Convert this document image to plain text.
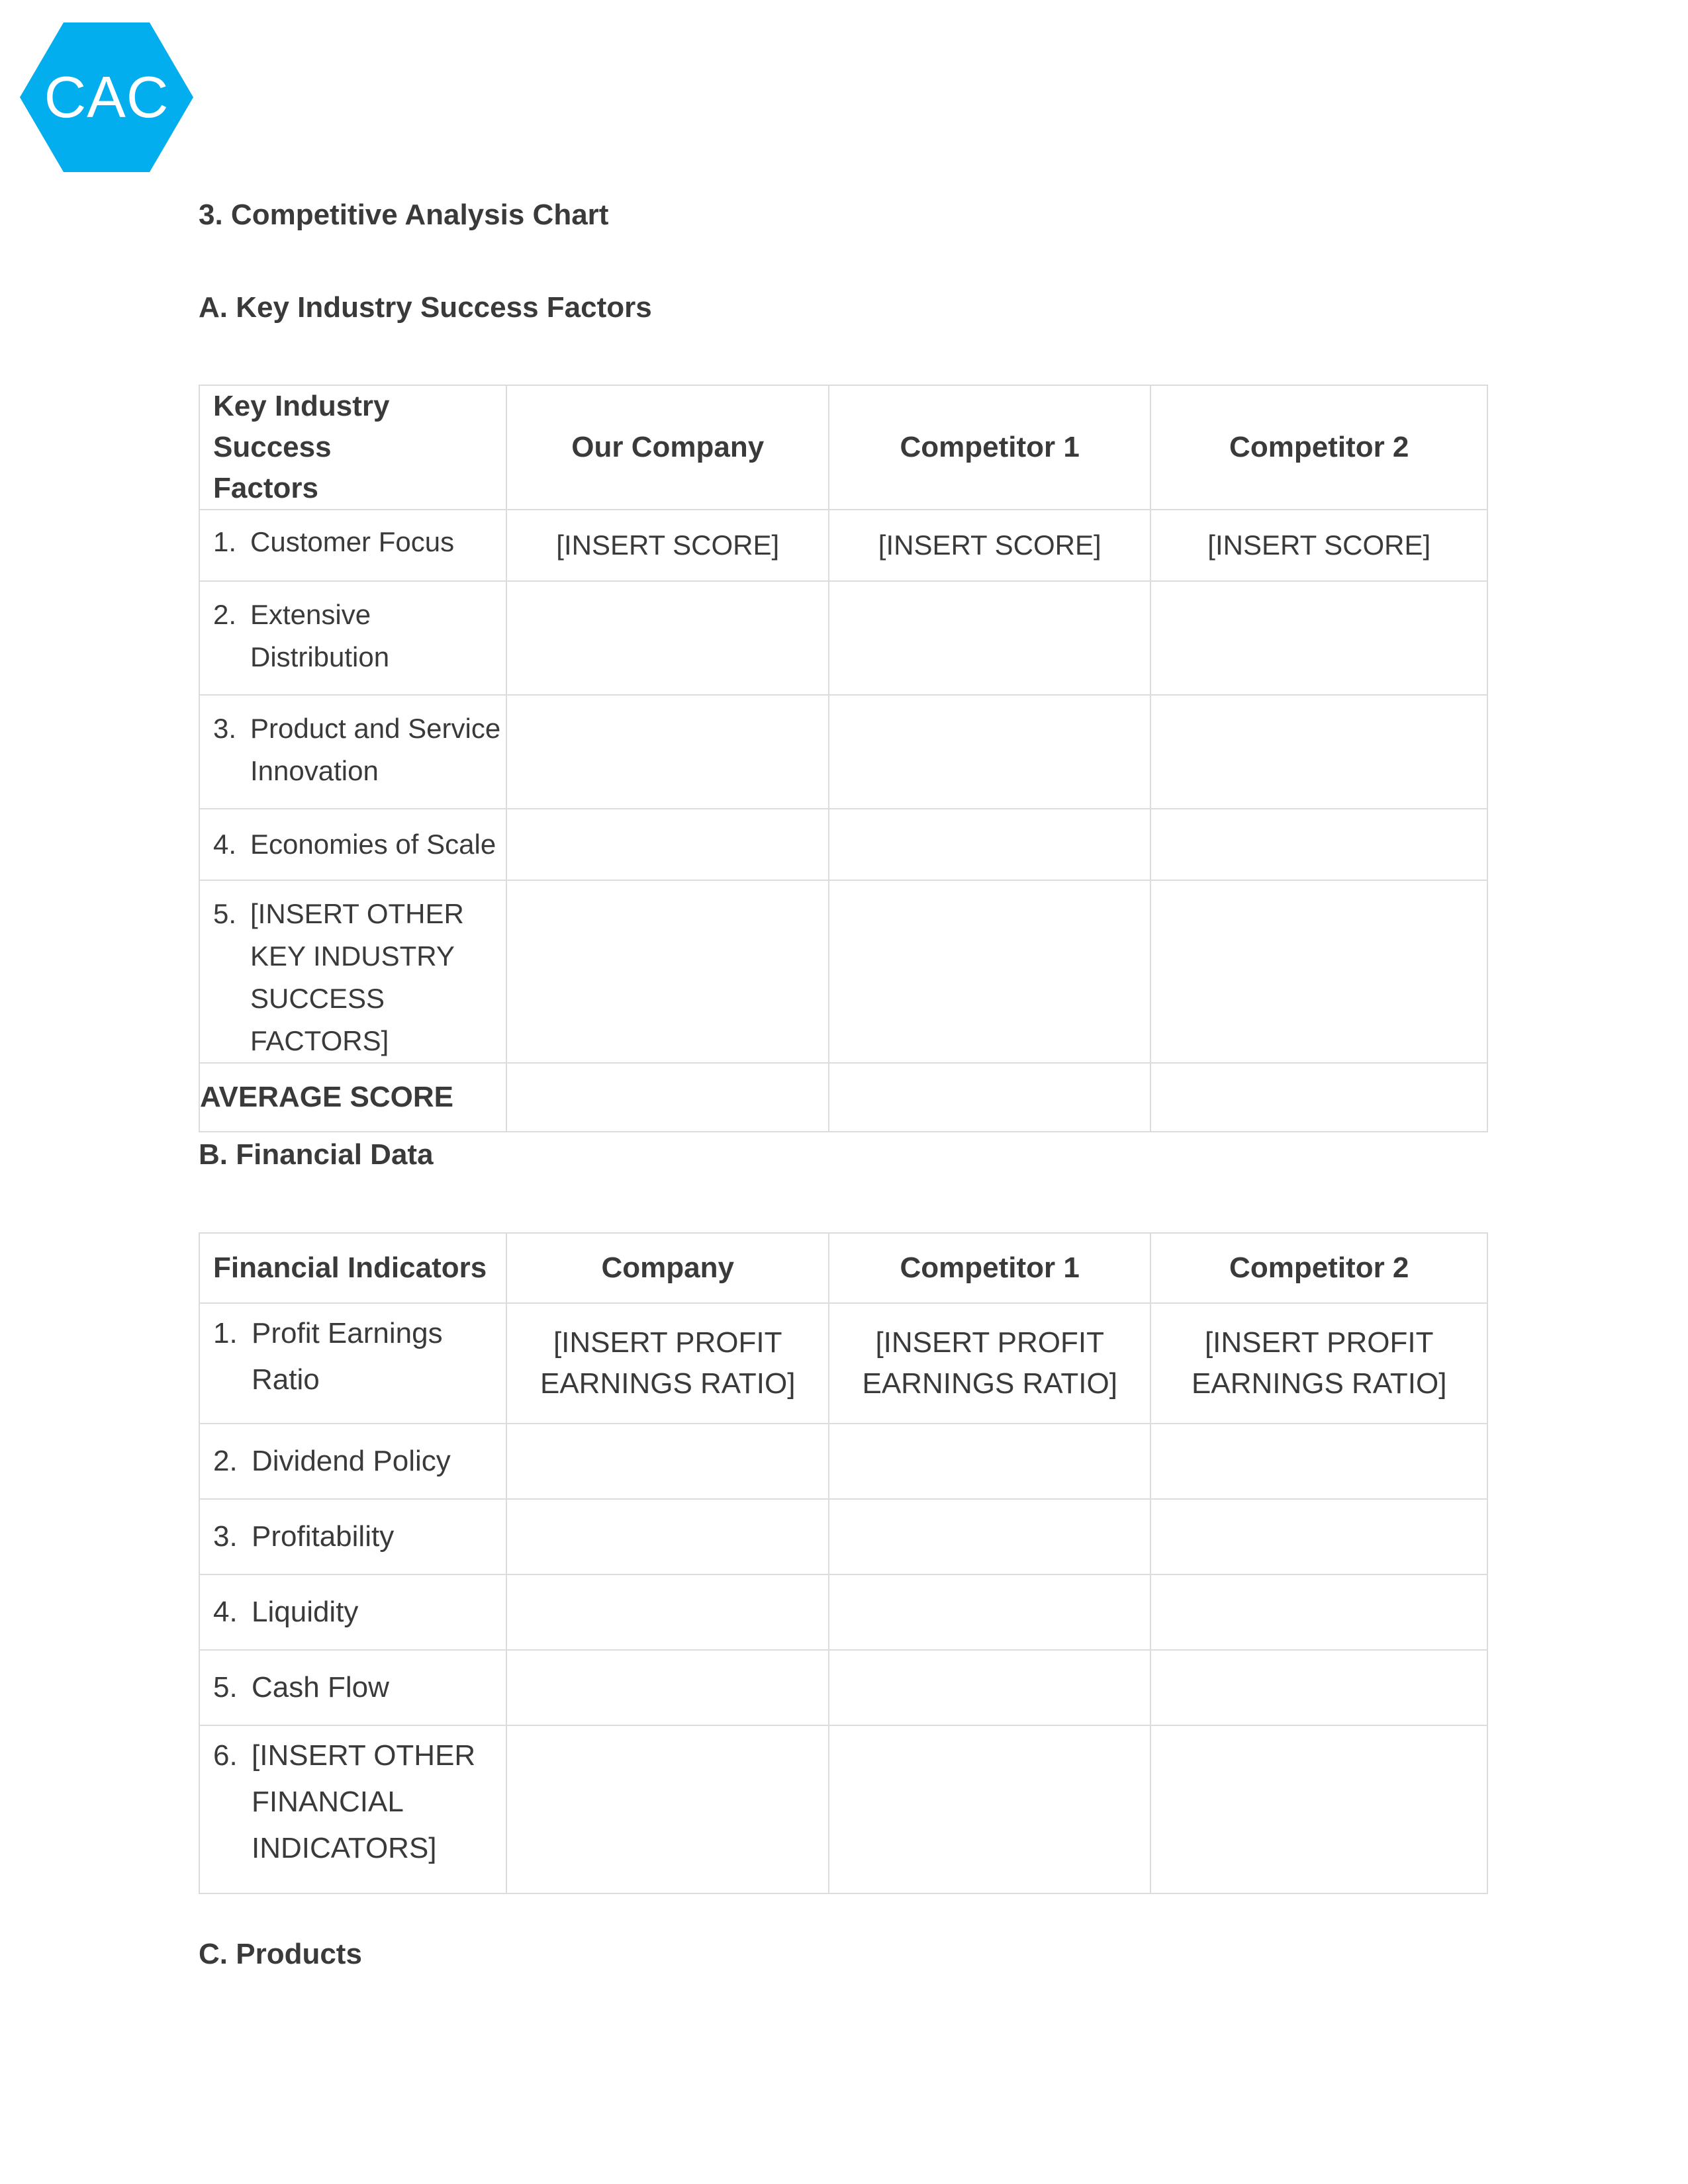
CAC
3. Competitive Analysis Chart
A. Key Industry Success Factors
Key Industry Success Factors	Our Company	Competitor 1	Competitor 2

1. Customer Focus	[INSERT SCORE]	[INSERT SCORE]	[INSERT SCORE]

2. Extensive Distribution			

3. Product and Service Innovation			

4. Economies of Scale			

5. [INSERT OTHER KEY INDUSTRY SUCCESS FACTORS]			

AVERAGE SCORE			
B. Financial Data
Financial Indicators	Company	Competitor 1	Competitor 2

1. Profit Earnings Ratio	[INSERT PROFIT EARNINGS RATIO]	[INSERT PROFIT EARNINGS RATIO]	[INSERT PROFIT EARNINGS RATIO]

2. Dividend Policy			

3. Profitability			

4. Liquidity			

5. Cash Flow			

6. [INSERT OTHER FINANCIAL INDICATORS]			

C. Products
